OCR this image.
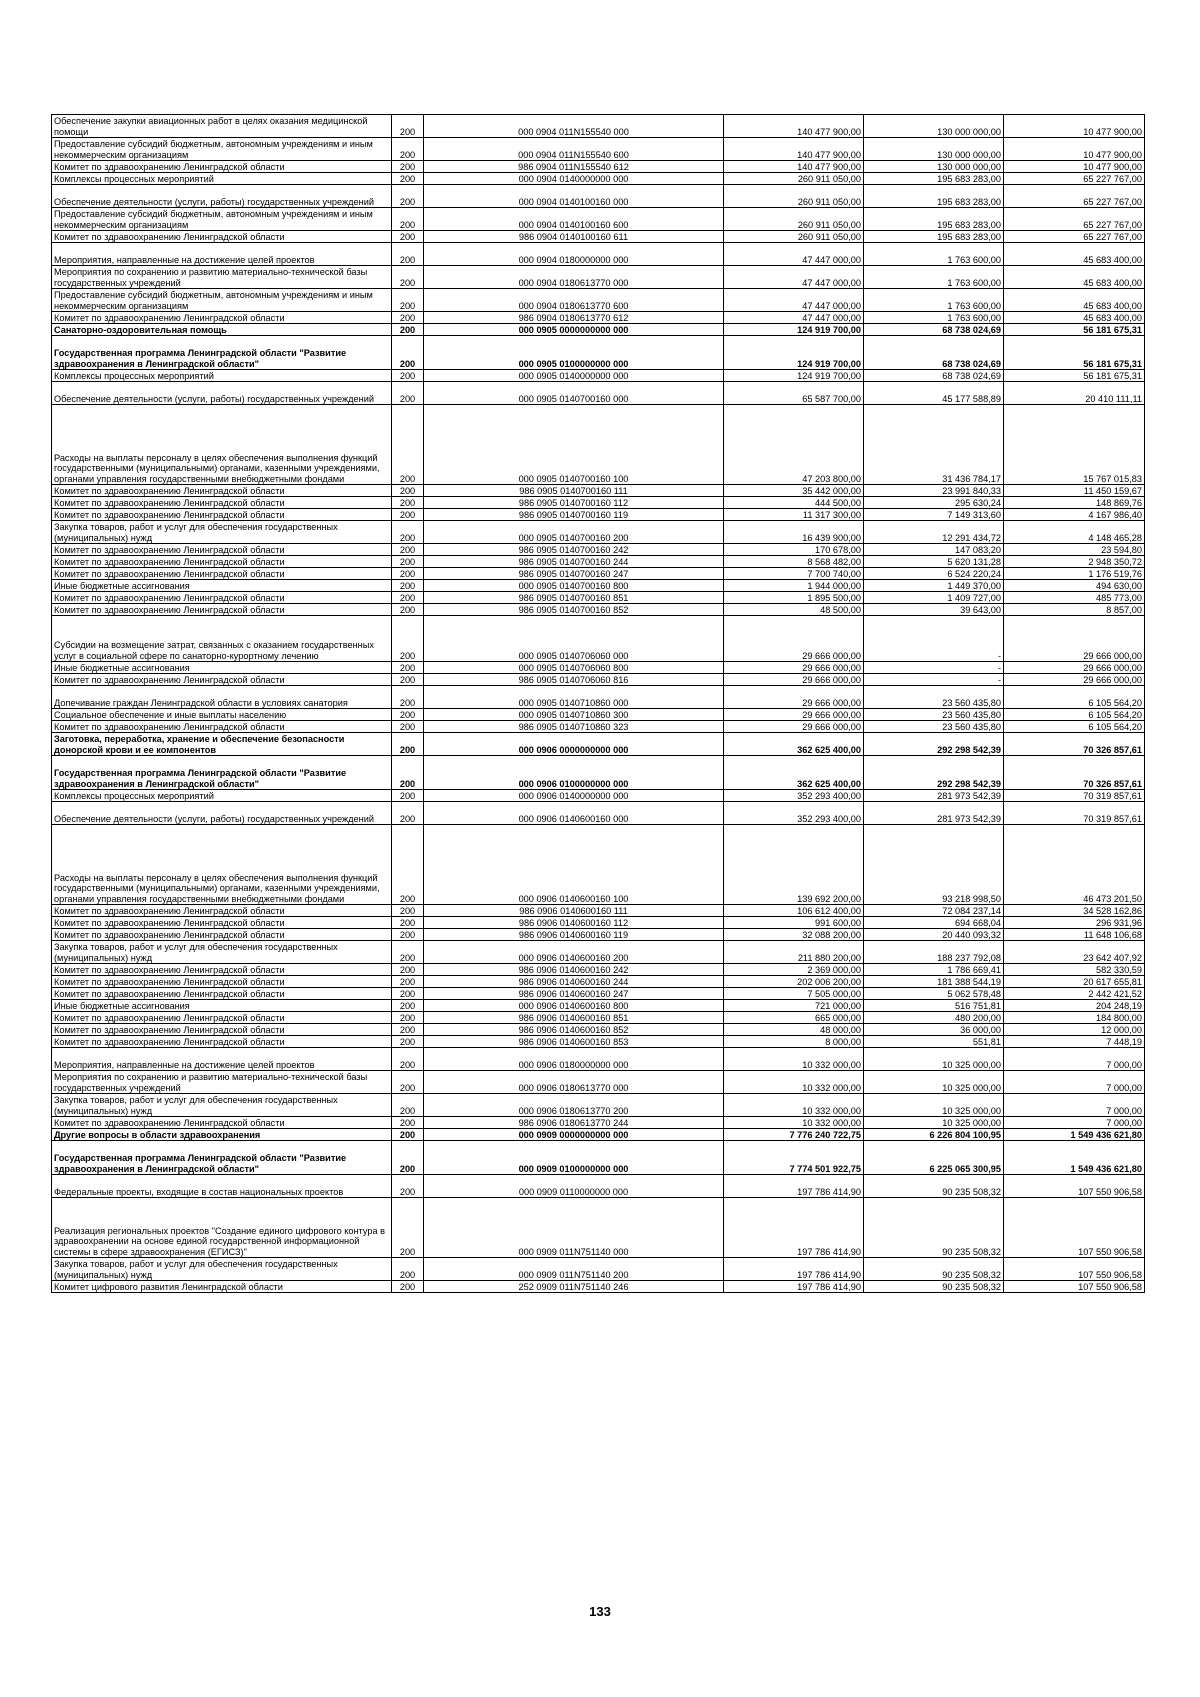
Обеспечение закупки авиационных работ в целях оказания медицинской помощи	200	000 0904 011N155540 000	140 477 900,00	130 000 000,00	10 477 900,00
Предоставление субсидий бюджетным, автономным учреждениям и иным некоммерческим организациям	200	000 0904 011N155540 600	140 477 900,00	130 000 000,00	10 477 900,00
Комитет по здравоохранению Ленинградской области	200	986 0904 011N155540 612	140 477 900,00	130 000 000,00	10 477 900,00
Комплексы процессных мероприятий	200	000 0904 0140000000 000	260 911 050,00	195 683 283,00	65 227 767,00
Обеспечение деятельности (услуги, работы) государственных учреждений	200	000 0904 0140100160 000	260 911 050,00	195 683 283,00	65 227 767,00
Предоставление субсидий бюджетным, автономным учреждениям и иным некоммерческим организациям	200	000 0904 0140100160 600	260 911 050,00	195 683 283,00	65 227 767,00
Комитет по здравоохранению Ленинградской области	200	986 0904 0140100160 611	260 911 050,00	195 683 283,00	65 227 767,00
Мероприятия, направленные на достижение целей проектов	200	000 0904 0180000000 000	47 447 000,00	1 763 600,00	45 683 400,00
Мероприятия по сохранению и развитию материально-технической базы государственных учреждений	200	000 0904 0180613770 000	47 447 000,00	1 763 600,00	45 683 400,00
Предоставление субсидий бюджетным, автономным учреждениям и иным некоммерческим организациям	200	000 0904 0180613770 600	47 447 000,00	1 763 600,00	45 683 400,00
Комитет по здравоохранению Ленинградской области	200	986 0904 0180613770 612	47 447 000,00	1 763 600,00	45 683 400,00
Санаторно-оздоровительная помощь	200	000 0905 0000000000 000	124 919 700,00	68 738 024,69	56 181 675,31
Государственная программа Ленинградской области "Развитие здравоохранения в Ленинградской области"	200	000 0905 0100000000 000	124 919 700,00	68 738 024,69	56 181 675,31
Комплексы процессных мероприятий	200	000 0905 0140000000 000	124 919 700,00	68 738 024,69	56 181 675,31
Обеспечение деятельности (услуги, работы) государственных учреждений	200	000 0905 0140700160 000	65 587 700,00	45 177 588,89	20 410 111,11
Расходы на выплаты персоналу в целях обеспечения выполнения функций государственными (муниципальными) органами, казенными учреждениями, органами управления государственными внебюджетными фондами	200	000 0905 0140700160 100	47 203 800,00	31 436 784,17	15 767 015,83
Комитет по здравоохранению Ленинградской области	200	986 0905 0140700160 111	35 442 000,00	23 991 840,33	11 450 159,67
Комитет по здравоохранению Ленинградской области	200	986 0905 0140700160 112	444 500,00	295 630,24	148 869,76
Комитет по здравоохранению Ленинградской области	200	986 0905 0140700160 119	11 317 300,00	7 149 313,60	4 167 986,40
Закупка товаров, работ и услуг для обеспечения государственных (муниципальных) нужд	200	000 0905 0140700160 200	16 439 900,00	12 291 434,72	4 148 465,28
Комитет по здравоохранению Ленинградской области	200	986 0905 0140700160 242	170 678,00	147 083,20	23 594,80
Комитет по здравоохранению Ленинградской области	200	986 0905 0140700160 244	8 568 482,00	5 620 131,28	2 948 350,72
Комитет по здравоохранению Ленинградской области	200	986 0905 0140700160 247	7 700 740,00	6 524 220,24	1 176 519,76
Иные бюджетные ассигнования	200	000 0905 0140700160 800	1 944 000,00	1 449 370,00	494 630,00
Комитет по здравоохранению Ленинградской области	200	986 0905 0140700160 851	1 895 500,00	1 409 727,00	485 773,00
Комитет по здравоохранению Ленинградской области	200	986 0905 0140700160 852	48 500,00	39 643,00	8 857,00
Субсидии на возмещение затрат, связанных с оказанием государственных услуг в социальной сфере по санаторно-курортному лечению	200	000 0905 0140706060 000	29 666 000,00	-	29 666 000,00
Иные бюджетные ассигнования	200	000 0905 0140706060 800	29 666 000,00	-	29 666 000,00
Комитет по здравоохранению Ленинградской области	200	986 0905 0140706060 816	29 666 000,00	-	29 666 000,00
Допечивание граждан Ленинградской области в условиях санатория	200	000 0905 0140710860 000	29 666 000,00	23 560 435,80	6 105 564,20
Социальное обеспечение и иные выплаты населению	200	000 0905 0140710860 300	29 666 000,00	23 560 435,80	6 105 564,20
Комитет по здравоохранению Ленинградской области	200	986 0905 0140710860 323	29 666 000,00	23 560 435,80	6 105 564,20
Заготовка, переработка, хранение и обеспечение безопасности донорской крови и ее компонентов	200	000 0906 0000000000 000	362 625 400,00	292 298 542,39	70 326 857,61
Государственная программа Ленинградской области "Развитие здравоохранения в Ленинградской области"	200	000 0906 0100000000 000	362 625 400,00	292 298 542,39	70 326 857,61
Комплексы процессных мероприятий	200	000 0906 0140000000 000	352 293 400,00	281 973 542,39	70 319 857,61
Обеспечение деятельности (услуги, работы) государственных учреждений	200	000 0906 0140600160 000	352 293 400,00	281 973 542,39	70 319 857,61
Расходы на выплаты персоналу в целях обеспечения выполнения функций государственными (муниципальными) органами, казенными учреждениями, органами управления государственными внебюджетными фондами	200	000 0906 0140600160 100	139 692 200,00	93 218 998,50	46 473 201,50
Комитет по здравоохранению Ленинградской области	200	986 0906 0140600160 111	106 612 400,00	72 084 237,14	34 528 162,86
Комитет по здравоохранению Ленинградской области	200	986 0906 0140600160 112	991 600,00	694 668,04	296 931,96
Комитет по здравоохранению Ленинградской области	200	986 0906 0140600160 119	32 088 200,00	20 440 093,32	11 648 106,68
Закупка товаров, работ и услуг для обеспечения государственных (муниципальных) нужд	200	000 0906 0140600160 200	211 880 200,00	188 237 792,08	23 642 407,92
Комитет по здравоохранению Ленинградской области	200	986 0906 0140600160 242	2 369 000,00	1 786 669,41	582 330,59
Комитет по здравоохранению Ленинградской области	200	986 0906 0140600160 244	202 006 200,00	181 388 544,19	20 617 655,81
Комитет по здравоохранению Ленинградской области	200	986 0906 0140600160 247	7 505 000,00	5 062 578,48	2 442 421,52
Иные бюджетные ассигнования	200	000 0906 0140600160 800	721 000,00	516 751,81	204 248,19
Комитет по здравоохранению Ленинградской области	200	986 0906 0140600160 851	665 000,00	480 200,00	184 800,00
Комитет по здравоохранению Ленинградской области	200	986 0906 0140600160 852	48 000,00	36 000,00	12 000,00
Комитет по здравоохранению Ленинградской области	200	986 0906 0140600160 853	8 000,00	551,81	7 448,19
Мероприятия, направленные на достижение целей проектов	200	000 0906 0180000000 000	10 332 000,00	10 325 000,00	7 000,00
Мероприятия по сохранению и развитию материально-технической базы государственных учреждений	200	000 0906 0180613770 000	10 332 000,00	10 325 000,00	7 000,00
Закупка товаров, работ и услуг для обеспечения государственных (муниципальных) нужд	200	000 0906 0180613770 200	10 332 000,00	10 325 000,00	7 000,00
Комитет по здравоохранению Ленинградской области	200	986 0906 0180613770 244	10 332 000,00	10 325 000,00	7 000,00
Другие вопросы в области здравоохранения	200	000 0909 0000000000 000	7 776 240 722,75	6 226 804 100,95	1 549 436 621,80
Государственная программа Ленинградской области "Развитие здравоохранения в Ленинградской области"	200	000 0909 0100000000 000	7 774 501 922,75	6 225 065 300,95	1 549 436 621,80
Федеральные проекты, входящие в состав национальных проектов	200	000 0909 0110000000 000	197 786 414,90	90 235 508,32	107 550 906,58
Реализация региональных проектов "Создание единого цифрового контура в здравоохранении на основе единой государственной информационной системы в сфере здравоохранения (ЕГИСЗ)"	200	000 0909 011N751140 000	197 786 414,90	90 235 508,32	107 550 906,58
Закупка товаров, работ и услуг для обеспечения государственных (муниципальных) нужд	200	000 0909 011N751140 200	197 786 414,90	90 235 508,32	107 550 906,58
Комитет цифрового развития Ленинградской области	200	252 0909 011N751140 246	197 786 414,90	90 235 508,32	107 550 906,58
133
